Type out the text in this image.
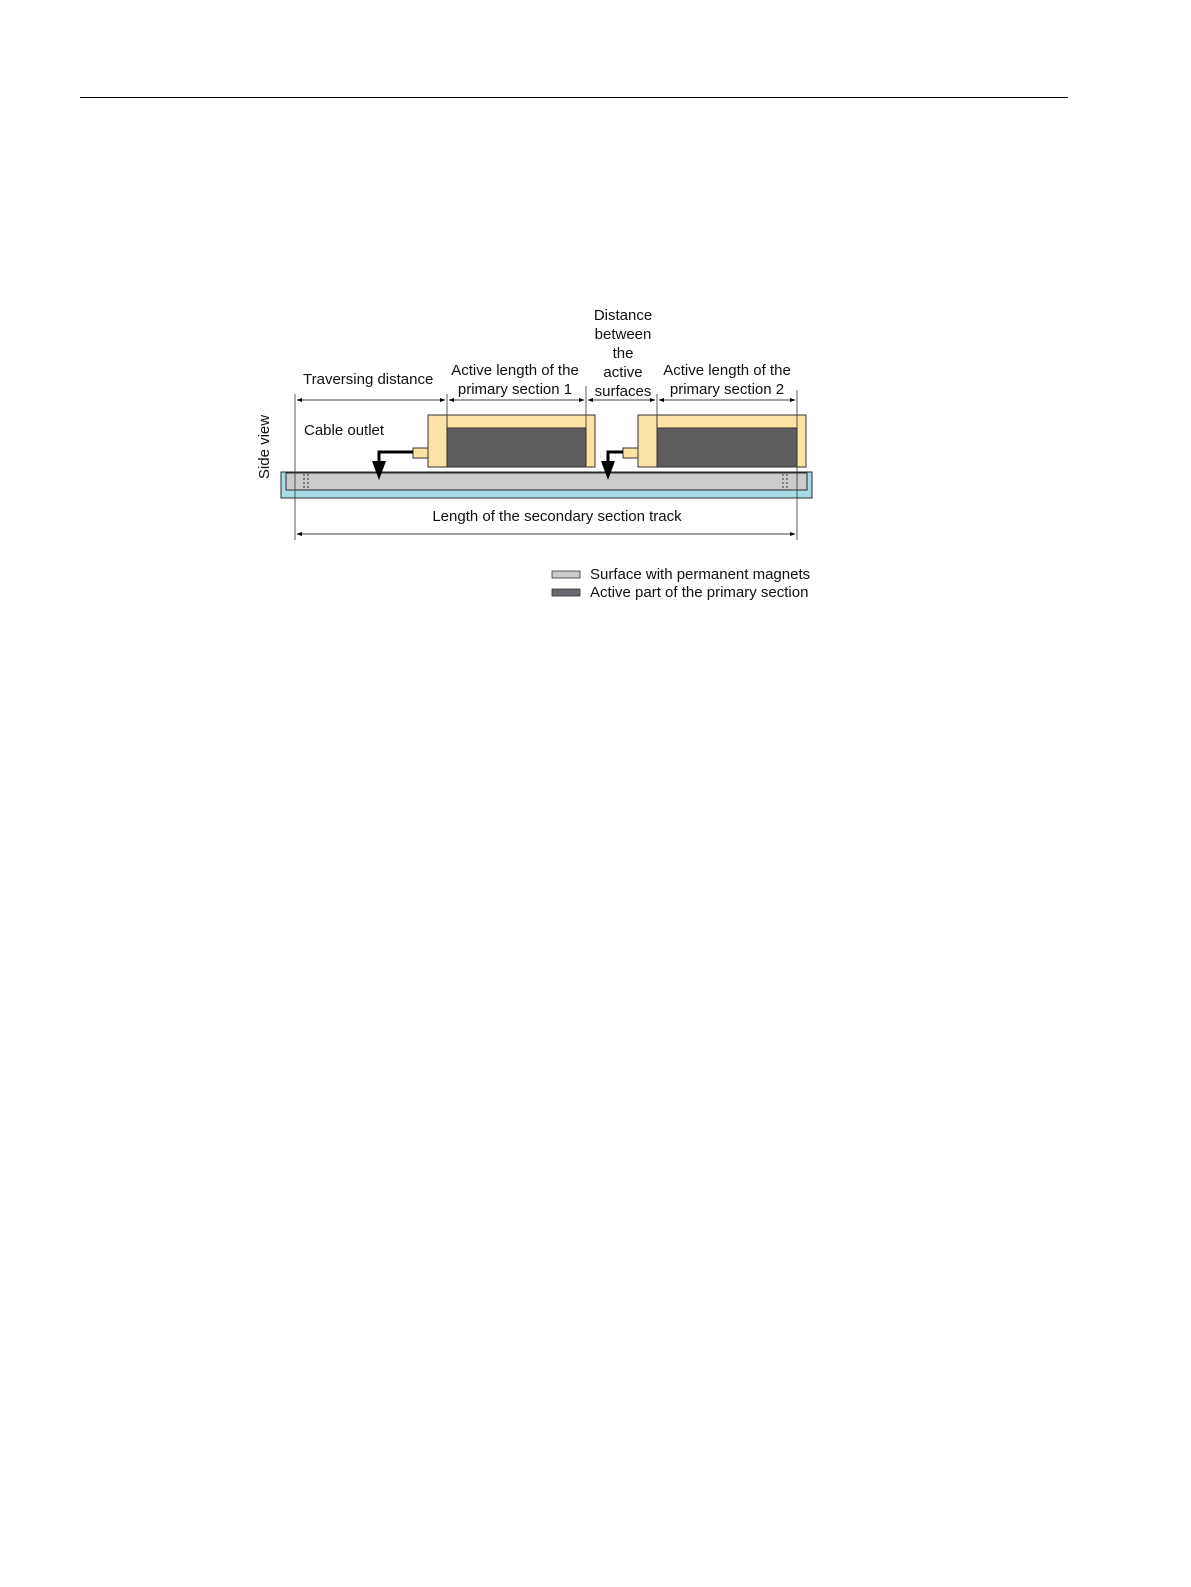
Traversing distance
Active length of the
primary section 1
Distance
between
the
active
surfaces
Active length of the
primary section 2
Cable outlet
Side view
Length of the secondary section track
Surface with permanent magnets
Active part of the primary section
